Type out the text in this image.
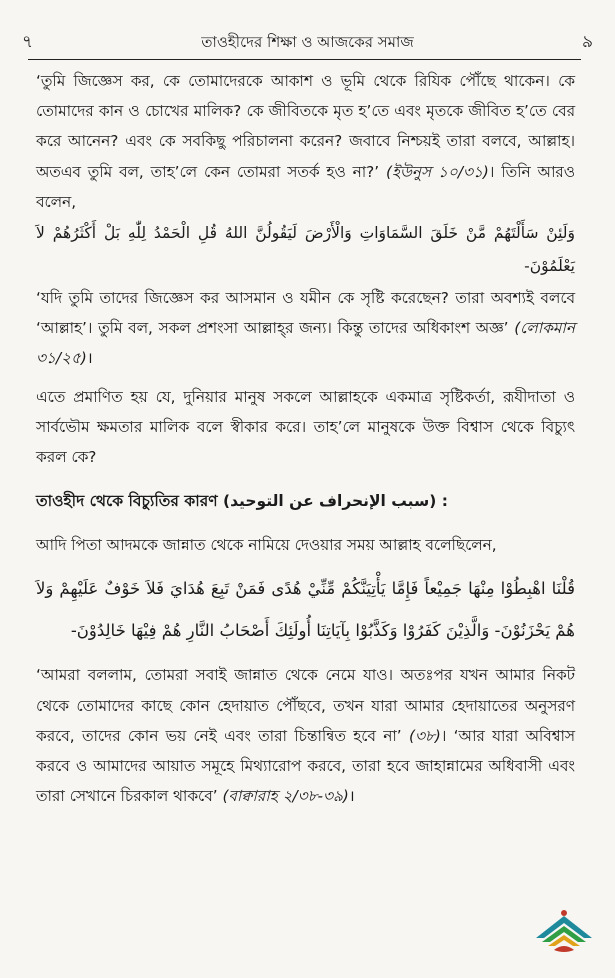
৭	তাওহীদের শিক্ষা ও আজকের সমাজ	৯

‘তুমি জিজ্ঞেস কর, কে তোমাদেরকে আকাশ ও ভূমি থেকে রিযিক পৌঁছে থাকেন। কে তোমাদের কান ও চোখের মালিক? কে জীবিতকে মৃত হ’তে এবং মৃতকে জীবিত হ’তে বের করে আনেন? এবং কে সবকিছু পরিচালনা করেন? জবাবে নিশ্চয়ই তারা বলবে, আল্লাহ। অতএব তুমি বল, তাহ’লে কেন তোমরা সতর্ক হও না?’ (ইউনুস ১০/৩১)। তিনি আরও বলেন,

وَلَئِنْ سَأَلْتَهُمْ مَّنْ خَلَقَ السَّمَاوَاتِ وَالْأَرْضَ لَيَقُولُنَّ اللهُ قُلِ الْحَمْدُ لِلّٰهِ بَلْ أَكْثَرُهُمْ لاَ يَعْلَمُوْنَ-

‘যদি তুমি তাদের জিজ্ঞেস কর আসমান ও যমীন কে সৃষ্টি করেছেন? তারা অবশ্যই বলবে ‘আল্লাহ’। তুমি বল, সকল প্রশংসা আল্লাহ্‌র জন্য। কিন্তু তাদের অধিকাংশ অজ্ঞ’ (লোকমান ৩১/২৫)।

এতে প্রমাণিত হয় যে, দুনিয়ার মানুষ সকলে আল্লাহকে একমাত্র সৃষ্টিকর্তা, রূযীদাতা ও সার্বভৌম ক্ষমতার মালিক বলে স্বীকার করে। তাহ’লে মানুষকে উক্ত বিশ্বাস থেকে বিচ্যুৎ করল কে?

তাওহীদ থেকে বিচ্যুতির কারণ (سبب الإنحراف عن التوحيد) :

আদি পিতা আদমকে জান্নাত থেকে নামিয়ে দেওয়ার সময় আল্লাহ বলেছিলেন,

قُلْنَا اهْبِطُوْا مِنْهَا جَمِيْعاً فَإِمَّا يَأْتِيَنَّكُمْ مِّنِّيْ هُدًى فَمَنْ تَبِعَ هُدَايَ فَلاَ خَوْفٌ عَلَيْهِمْ وَلاَ هُمْ يَحْزَنُوْنَ- وَالَّذِيْنَ كَفَرُوْا وَكَذَّبُوْا بِآيَاتِنَا أُولَئِكَ أَصْحَابُ النَّارِ هُمْ فِيْهَا خَالِدُوْنَ-

‘আমরা বললাম, তোমরা সবাই জান্নাত থেকে নেমে যাও। অতঃপর যখন আমার নিকট থেকে তোমাদের কাছে কোন হেদায়াত পৌঁছবে, তখন যারা আমার হেদায়াতের অনুসরণ করবে, তাদের কোন ভয় নেই এবং তারা চিন্তান্বিত হবে না’ (৩৮)। ‘আর যারা অবিশ্বাস করবে ও আমাদের আয়াত সমূহে মিথ্যারোপ করবে, তারা হবে জাহান্নামের অধিবাসী এবং তারা সেখানে চিরকাল থাকবে’ (বাক্বারাহ ২/৩৮-৩৯)।
